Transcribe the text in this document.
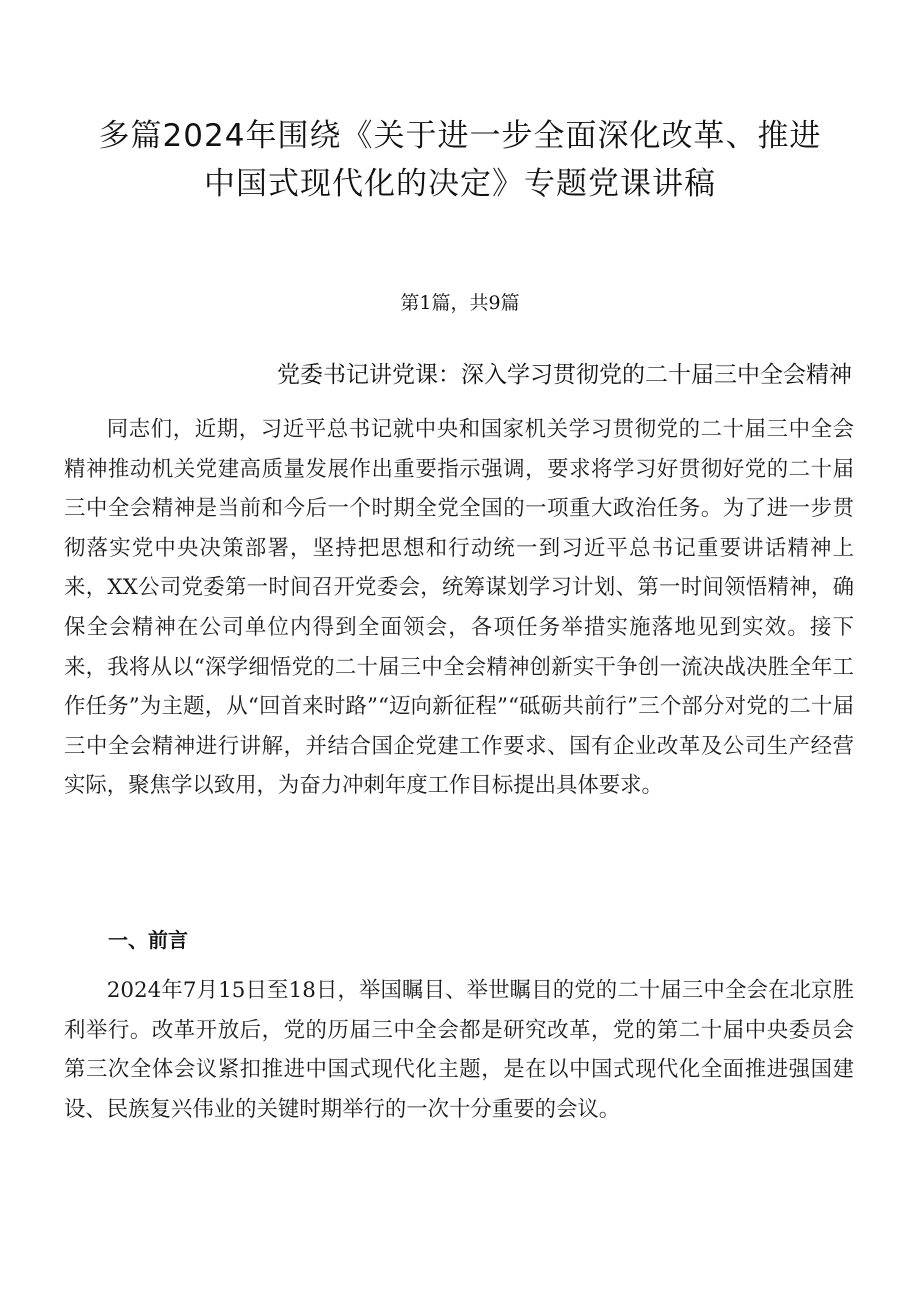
多篇2024年围绕《关于进一步全面深化改革、推进
中国式现代化的决定》专题党课讲稿
第1篇，共9篇
党委书记讲党课：深入学习贯彻党的二十届三中全会精神

同志们，近期，习近平总书记就中央和国家机关学习贯彻党的二十届三中全会精神推动机关党建高质量发展作出重要指示强调，要求将学习好贯彻好党的二十届三中全会精神是当前和今后一个时期全党全国的一项重大政治任务。为了进一步贯彻落实党中央决策部署，坚持把思想和行动统一到习近平总书记重要讲话精神上来，XX公司党委第一时间召开党委会，统筹谋划学习计划、第一时间领悟精神，确保全会精神在公司单位内得到全面领会，各项任务举措实施落地见到实效。接下来，我将从以“深学细悟党的二十届三中全会精神创新实干争创一流决战决胜全年工作任务”为主题，从“回首来时路”“迈向新征程”“砥砺共前行”三个部分对党的二十届三中全会精神进行讲解，并结合国企党建工作要求、国有企业改革及公司生产经营实际，聚焦学以致用，为奋力冲刺年度工作目标提出具体要求。

一、前言

2024年7月15日至18日，举国瞩目、举世瞩目的党的二十届三中全会在北京胜利举行。改革开放后，党的历届三中全会都是研究改革，党的第二十届中央委员会第三次全体会议紧扣推进中国式现代化主题，是在以中国式现代化全面推进强国建设、民族复兴伟业的关键时期举行的一次十分重要的会议。
